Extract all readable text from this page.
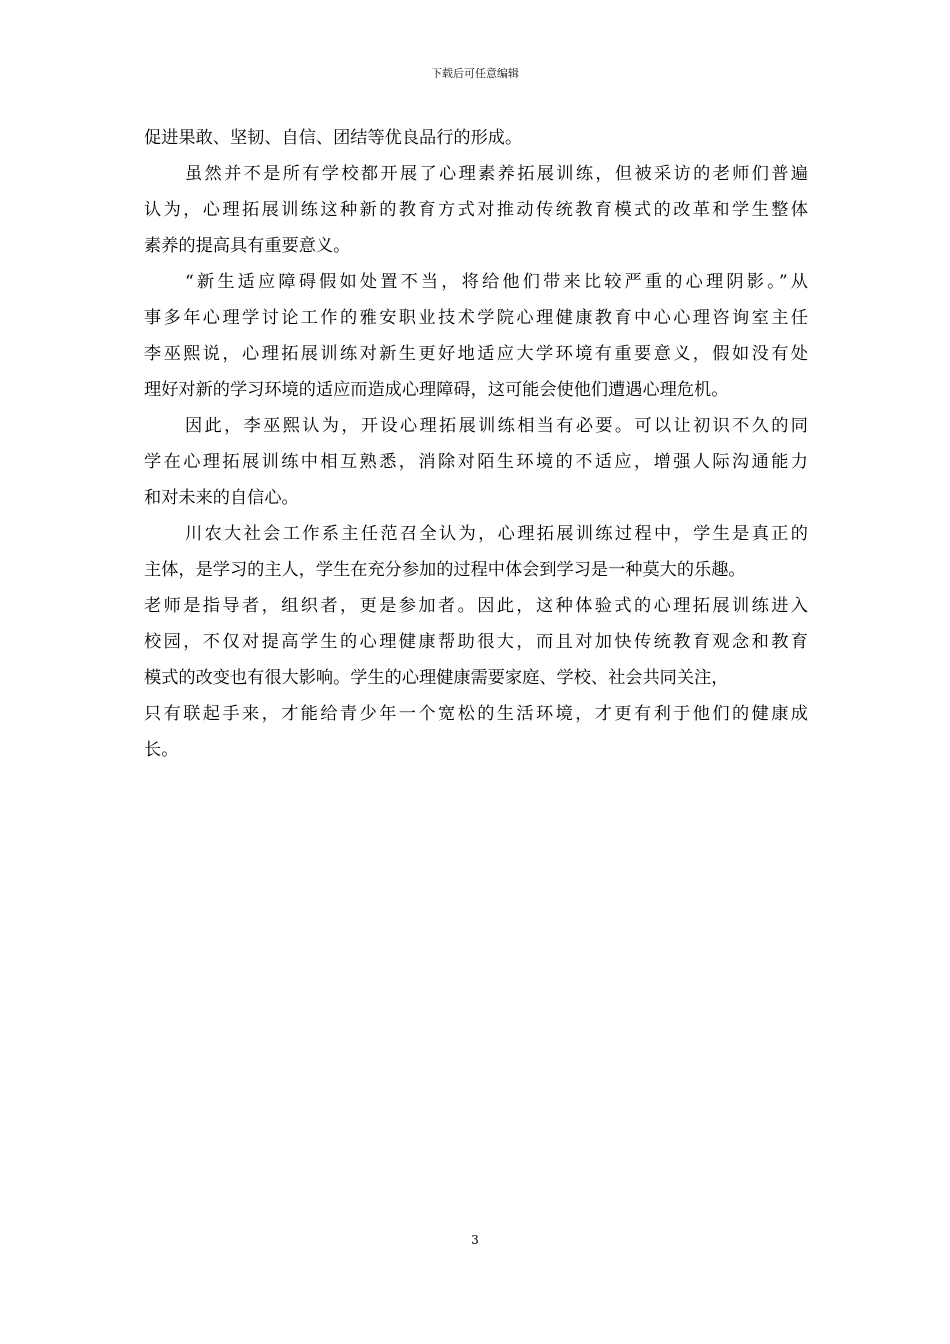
下载后可任意编辑
促进果敢、坚韧、自信、团结等优良品行的形成。
虽然并不是所有学校都开展了心理素养拓展训练，但被采访的老师们普遍
认为，心理拓展训练这种新的教育方式对推动传统教育模式的改革和学生整体
素养的提高具有重要意义。
“新生适应障碍假如处置不当，将给他们带来比较严重的心理阴影。”从
事多年心理学讨论工作的雅安职业技术学院心理健康教育中心心理咨询室主任
李巫熙说，心理拓展训练对新生更好地适应大学环境有重要意义，假如没有处
理好对新的学习环境的适应而造成心理障碍，这可能会使他们遭遇心理危机。
因此，李巫熙认为，开设心理拓展训练相当有必要。可以让初识不久的同
学在心理拓展训练中相互熟悉，消除对陌生环境的不适应，增强人际沟通能力
和对未来的自信心。
川农大社会工作系主任范召全认为，心理拓展训练过程中，学生是真正的
主体，是学习的主人，学生在充分参加的过程中体会到学习是一种莫大的乐趣。
老师是指导者，组织者，更是参加者。因此，这种体验式的心理拓展训练进入
校园，不仅对提高学生的心理健康帮助很大，而且对加快传统教育观念和教育
模式的改变也有很大影响。学生的心理健康需要家庭、学校、社会共同关注，
只有联起手来，才能给青少年一个宽松的生活环境，才更有利于他们的健康成
长。
3
